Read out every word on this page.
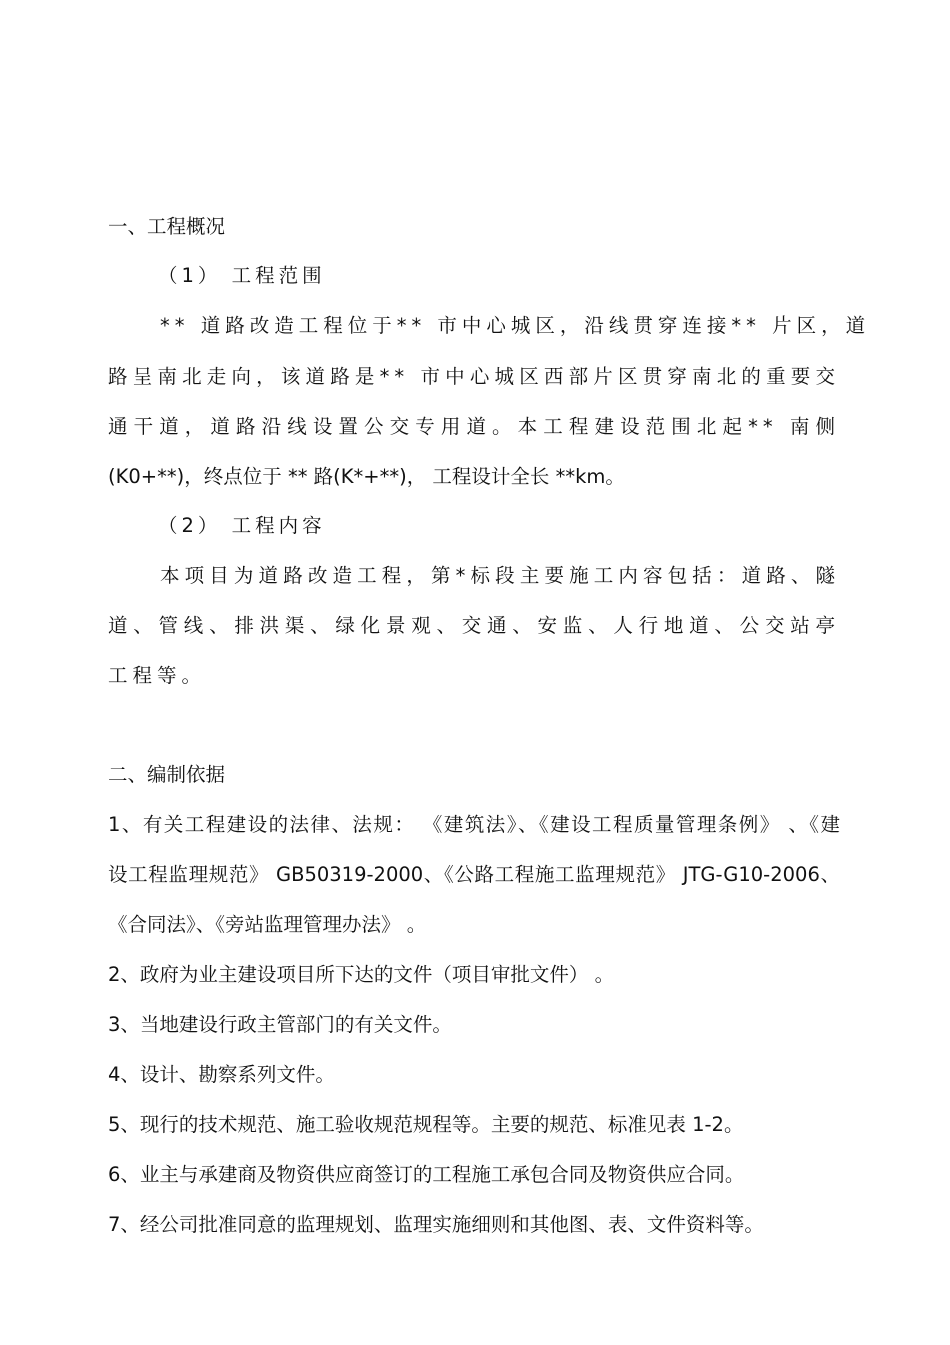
一、工程概况
（1） 工程范围
** 道路改造工程位于** 市中心城区，沿线贯穿连接** 片区，道
路呈南北走向，该道路是** 市中心城区西部片区贯穿南北的重要交
通干道，道路沿线设置公交专用道。本工程建设范围北起** 南侧
(K0+**)，终点位于 ** 路(K*+**)， 工程设计全长 **km。
（2） 工程内容
本项目为道路改造工程，第*标段主要施工内容包括：道路、隧
道、管线、排洪渠、绿化景观、交通、安监、人行地道、公交站亭
工程等。
二、编制依据
1、有关工程建设的法律、法规： 《建筑法》、《建设工程质量管理条例》 、《建
设工程监理规范》 GB50319-2000、《公路工程施工监理规范》 JTG-G10-2006、
《合同法》、《旁站监理管理办法》 。
2、政府为业主建设项目所下达的文件（项目审批文件） 。
3、当地建设行政主管部门的有关文件。
4、设计、勘察系列文件。
5、现行的技术规范、施工验收规范规程等。主要的规范、标准见表 1-2。
6、业主与承建商及物资供应商签订的工程施工承包合同及物资供应合同。
7、经公司批准同意的监理规划、监理实施细则和其他图、表、文件资料等。
